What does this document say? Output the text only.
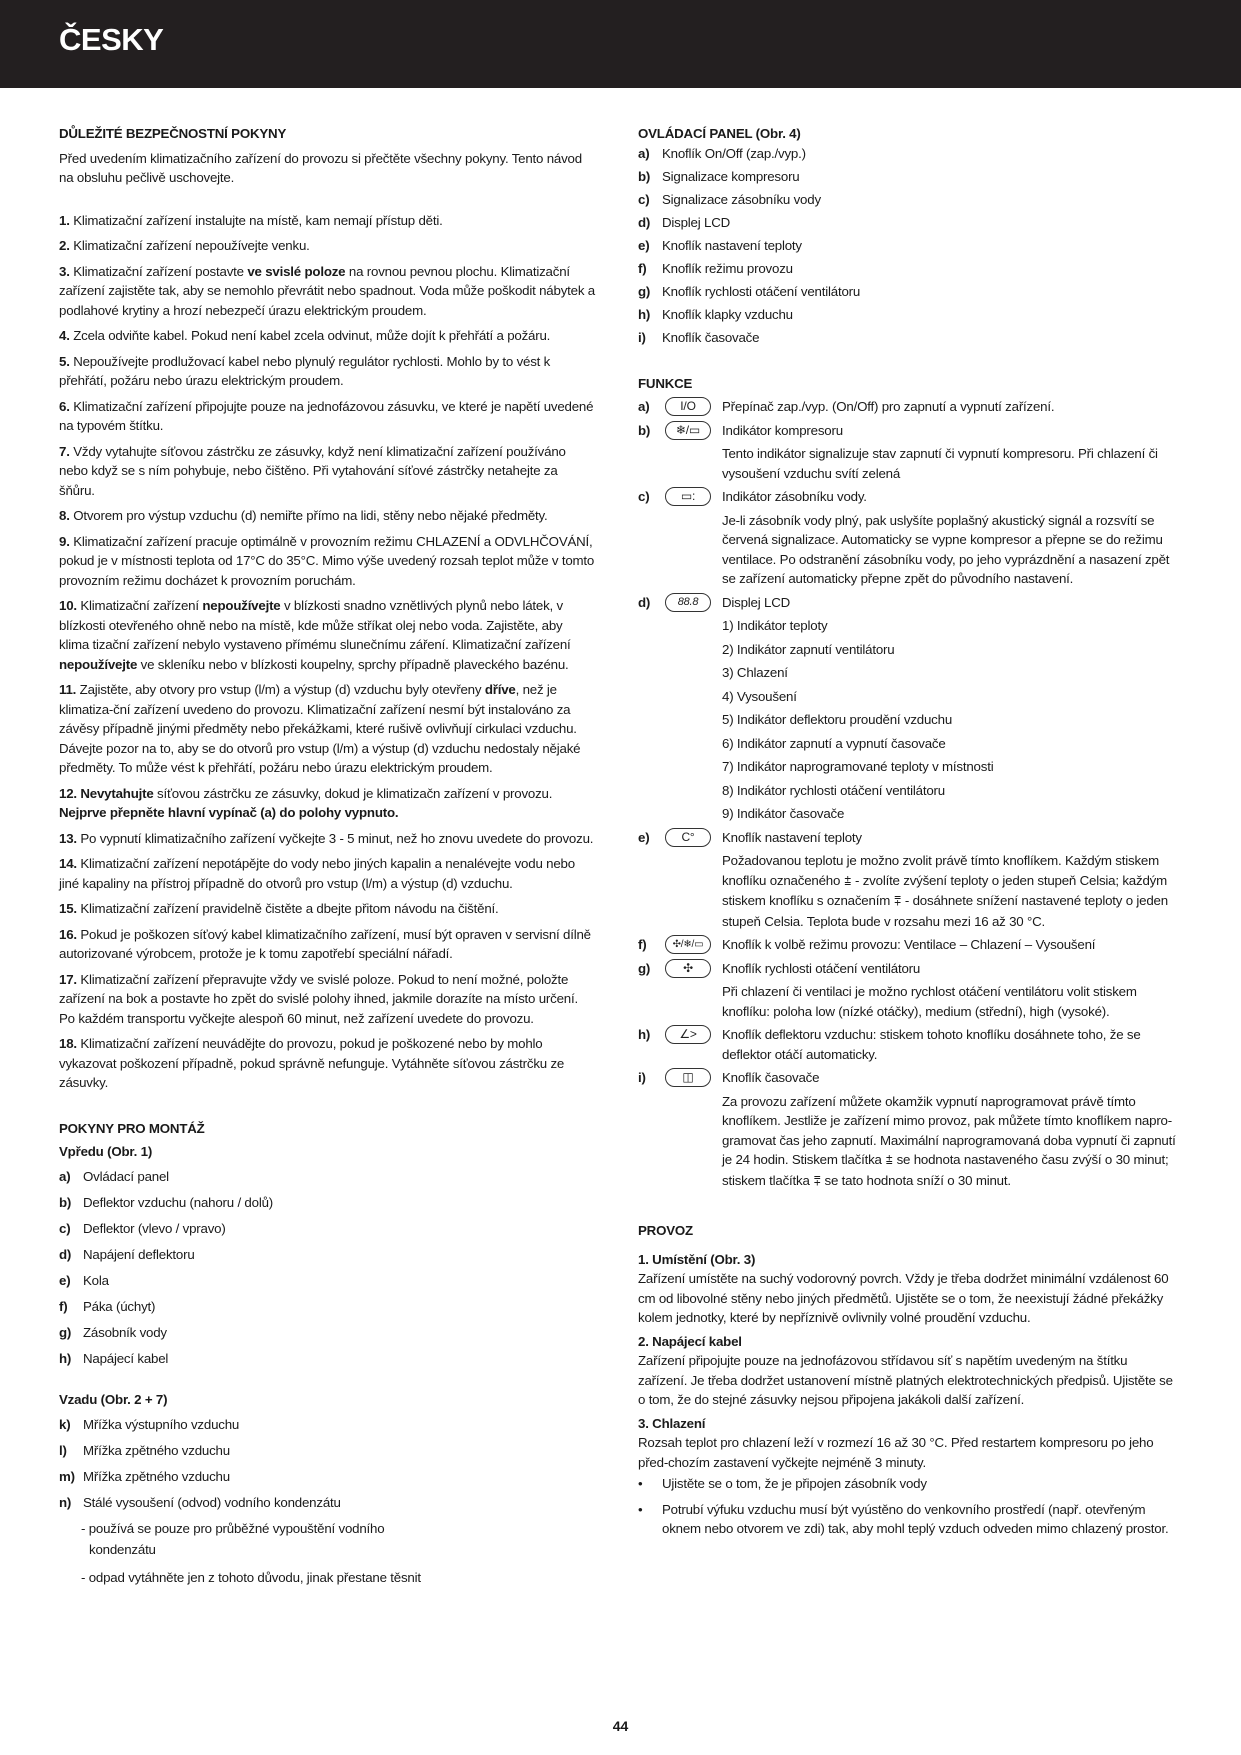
ČESKY

DŮLEŽITÉ BEZPEČNOSTNÍ POKYNY

Před uvedením klimatizačního zařízení do provozu si přečtěte všechny pokyny. Tento návod na obsluhu pečlivě uschovejte.

1. Klimatizační zařízení instalujte na místě, kam nemají přístup děti.

2. Klimatizační zařízení nepoužívejte venku.

3. Klimatizační zařízení postavte ve svislé poloze na rovnou pevnou plochu. Klimatizační zařízení zajistěte tak, aby se nemohlo převrátit nebo spadnout. Voda může poškodit nábytek a podlahové krytiny a hrozí nebezpečí úrazu elektrickým proudem.

4. Zcela odviňte kabel. Pokud není kabel zcela odvinut, může dojít k přehřátí a požáru.

5. Nepoužívejte prodlužovací kabel nebo plynulý regulátor rychlosti. Mohlo by to vést k přehřátí, požáru nebo úrazu elektrickým proudem.

6. Klimatizační zařízení připojujte pouze na jednofázovou zásuvku, ve které je napětí uvedené na typovém štítku.

7. Vždy vytahujte síťovou zástrčku ze zásuvky, když není klimatizační zařízení používáno nebo když se s ním pohybuje, nebo čištěno. Při vytahování síťové zástrčky netahejte za šňůru.

8. Otvorem pro výstup vzduchu (d) nemiřte přímo na lidi, stěny nebo nějaké předměty.

9. Klimatizační zařízení pracuje optimálně v provozním režimu CHLAZENÍ a ODVLHČOVÁNÍ, pokud je v místnosti teplota od 17°C do 35°C. Mimo výše uvedený rozsah teplot může v tomto provozním režimu docházet k provozním poruchám.

10. Klimatizační zařízení nepoužívejte v blízkosti snadno vznětlivých plynů nebo látek, v blízkosti otevřeného ohně nebo na místě, kde může stříkat olej nebo voda. Zajistěte, aby klima tizační zařízení nebylo vystaveno přímému slunečnímu záření. Klimatizační zařízení nepoužívejte ve skleníku nebo v blízkosti koupelny, sprchy případně plaveckého bazénu.

11. Zajistěte, aby otvory pro vstup (l/m) a výstup (d) vzduchu byly otevřeny dříve, než je klimatiza-ční zařízení uvedeno do provozu. Klimatizační zařízení nesmí být instalováno za závěsy případně jinými předměty nebo překážkami, které rušivě ovlivňují cirkulaci vzduchu. Dávejte pozor na to, aby se do otvorů pro vstup (l/m) a výstup (d) vzduchu nedostaly nějaké předměty. To může vést k přehřátí, požáru nebo úrazu elektrickým proudem.

12. Nevytahujte síťovou zástrčku ze zásuvky, dokud je klimatizačn zařízení v provozu. Nejprve přepněte hlavní vypínač (a) do polohy vypnuto.

13. Po vypnutí klimatizačního zařízení vyčkejte 3 - 5 minut, než ho znovu uvedete do provozu.

14. Klimatizační zařízení nepotápějte do vody nebo jiných kapalin a nenalévejte vodu nebo jiné kapaliny na přístroj případně do otvorů pro vstup (l/m) a výstup (d) vzduchu.

15. Klimatizační zařízení pravidelně čistěte a dbejte přitom návodu na čištění.

16. Pokud je poškozen síťový kabel klimatizačního zařízení, musí být opraven v servisní dílně autorizované výrobcem, protože je k tomu zapotřebí speciální nářadí.

17. Klimatizační zařízení přepravujte vždy ve svislé poloze. Pokud to není možné, položte zařízení na bok a postavte ho zpět do svislé polohy ihned, jakmile dorazíte na místo určení. Po každém transportu vyčkejte alespoň 60 minut, než zařízení uvedete do provozu.

18. Klimatizační zařízení neuvádějte do provozu, pokud je poškozené nebo by mohlo vykazovat poškození případně, pokud správně nefunguje. Vytáhněte síťovou zástrčku ze zásuvky.

POKYNY PRO MONTÁŽ

Vpředu (Obr. 1)

a) Ovládací panel
b) Deflektor vzduchu (nahoru / dolů)
c) Deflektor (vlevo / vpravo)
d) Napájení deflektoru
e) Kola
f)	Páka (úchyt)
g) Zásobník vody
h) Napájecí kabel

Vzadu (Obr. 2 + 7)

k) Mřížka výstupního vzduchu
l)	Mřížka zpětného vzduchu
m) Mřížka zpětného vzduchu
n) Stálé vysoušení (odvod) vodního kondenzátu

- používá se pouze pro průběžné vypouštění vodního

kondenzátu

- odpad vytáhněte jen z tohoto důvodu, jinak přestane těsnit

OVLÁDACÍ PANEL (Obr. 4)

a) Knoflík On/Off (zap./vyp.)
b) Signalizace kompresoru
c) Signalizace zásobníku vody
d) Displej LCD
e) Knoflík nastavení teploty
f)	Knoflík režimu provozu
g) Knoflík rychlosti otáčení ventilátoru
h) Knoflík klapky vzduchu
i)	Knoflík časovače

FUNKCE

a)	I/O	Přepínač zap./vyp. (On/Off) pro zapnutí a vypnutí zařízení.
b)	❄/▭	Indikátor kompresoru

Tento indikátor signalizuje stav zapnutí či vypnutí kompresoru. Při chlazení či vysoušení vzduchu svítí zelená

c)	▭:	Indikátor zásobníku vody.

Je-li zásobník vody plný, pak uslyšíte poplašný akustický signál a rozsvítí se červená signalizace. Automaticky se vypne kompresor a přepne se do režimu ventilace. Po odstranění zásobníku vody, po jeho vyprázdnění a nasazení zpět se zařízení automaticky přepne zpět do původního nastavení.

d)	88.8	Displej LCD

1) Indikátor teploty

2) Indikátor zapnutí ventilátoru

3) Chlazení

4) Vysoušení

5) Indikátor deflektoru proudění vzduchu

6) Indikátor zapnutí a vypnutí časovače

7) Indikátor naprogramované teploty v místnosti

8) Indikátor rychlosti otáčení ventilátoru

9) Indikátor časovače

e)	C°	Knoflík nastavení teploty

Požadovanou teplotu je možno zvolit právě tímto knoflíkem. Každým stiskem knoflíku označeného ⩲ - zvolíte zvýšení teploty o jeden stupeň Celsia; každým stiskem knoflíku s označením ⩱ - dosáhnete snížení nastavené teploty o jeden stupeň Celsia. Teplota bude v rozsahu mezi 16 až 30 °C.

f)	✣/❄/▭	Knoflík k volbě režimu provozu: Ventilace – Chlazení – Vysoušení
g)	✣	Knoflík rychlosti otáčení ventilátoru

Při chlazení či ventilaci je možno rychlost otáčení ventilátoru volit stiskem knoflíku: poloha low (nízké otáčky), medium (střední), high (vysoké).

h)	∠>	Knoflík deflektoru vzduchu: stiskem tohoto knoflíku dosáhnete toho, že se deflektor otáčí automaticky.
i)	◫	Knoflík časovače

Za provozu zařízení můžete okamžik vypnutí naprogramovat právě tímto knoflíkem. Jestliže je zařízení mimo provoz, pak můžete tímto knoflíkem napro-gramovat čas jeho zapnutí. Maximální naprogramovaná doba vypnutí či zapnutí je 24 hodin. Stiskem tlačítka ⩲ se hodnota nastaveného času zvýší o 30 minut; stiskem tlačítka ⩱ se tato hodnota sníží o 30 minut.

PROVOZ

1. Umístění (Obr. 3)

Zařízení umístěte na suchý vodorovný povrch. Vždy je třeba dodržet minimální vzdálenost 60 cm od libovolné stěny nebo jiných předmětů. Ujistěte se o tom, že neexistují žádné překážky kolem jednotky, které by nepříznivě ovlivnily volné proudění vzduchu.

2. Napájecí kabel

Zařízení připojujte pouze na jednofázovou střídavou síť s napětím uvedeným na štítku zařízení. Je třeba dodržet ustanovení místně platných elektrotechnických předpisů. Ujistěte se o tom, že do stejné zásuvky nejsou připojena jakákoli další zařízení.

3. Chlazení

Rozsah teplot pro chlazení leží v rozmezí 16 až 30 °C. Před restartem kompresoru po jeho před-chozím zastavení vyčkejte nejméně 3 minuty.

•	Ujistěte se o tom, že je připojen zásobník vody
•	Potrubí výfuku vzduchu musí být vyústěno do venkovního prostředí (např. otevřeným oknem nebo otvorem ve zdi) tak, aby mohl teplý vzduch odveden mimo chlazený prostor.
44
